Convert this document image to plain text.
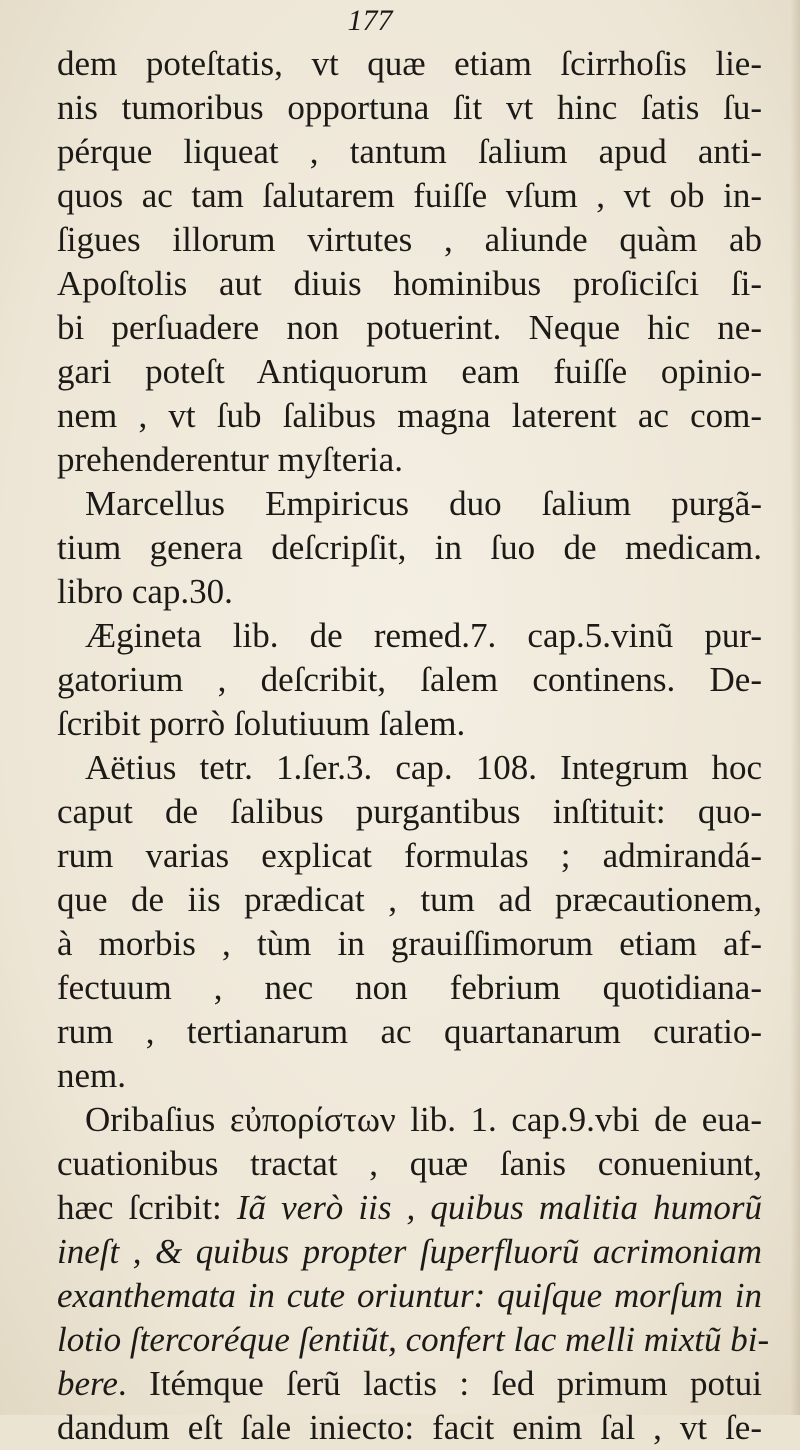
177
dem poteſtatis, vt quæ etiam ſcirrhoſis lie-
nis tumoribus opportuna ſit vt hinc ſatis ſu-
pérque liqueat , tantum ſalium apud anti-
quos ac tam ſalutarem fuiſſe vſum , vt ob in-
ſigues illorum virtutes , aliunde quàm ab
Apoſtolis aut diuis hominibus proſiciſci ſi-
bi perſuadere non potuerint. Neque hic ne-
gari poteſt Antiquorum eam fuiſſe opinio-
nem , vt ſub ſalibus magna laterent ac com-
prehenderentur myſteria.
Marcellus Empiricus duo ſalium purgã-
tium genera deſcripſit, in ſuo de medicam.
libro cap.30.
Ægineta lib. de remed.7. cap.5.vinũ pur-
gatorium , deſcribit, ſalem continens. De-
ſcribit porrò ſolutiuum ſalem.
Aëtius tetr. 1.ſer.3. cap. 108. Integrum hoc
caput de ſalibus purgantibus inſtituit: quo-
rum varias explicat formulas ; admirandá-
que de iis prædicat , tum ad præcautionem,
à morbis , tùm in grauiſſimorum etiam af-
fectuum , nec non febrium quotidiana-
rum , tertianarum ac quartanarum curatio-
nem.
Oribaſius εὐπορίστων lib. 1. cap.9.vbi de eua-
cuationibus tractat , quæ ſanis conueniunt,
hæc ſcribit: Iã verò iis , quibus malitia humorũ
ineſt , & quibus propter ſuperfluorũ acrimoniam
exanthemata in cute oriuntur: quiſque morſum in
lotio ſtercoréque ſentiũt, confert lac melli mixtũ bi-
bere. Itémque ſerũ lactis : ſed primum potui
dandum eſt ſale iniecto: facit enim ſal , vt ſe-
